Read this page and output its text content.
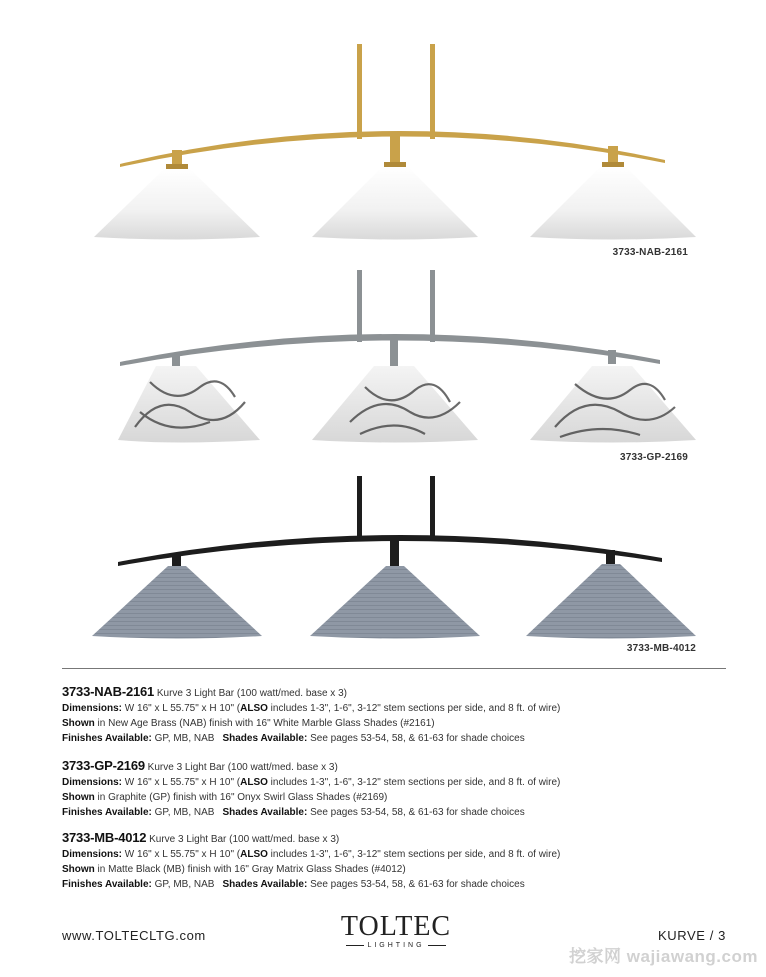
3733-NAB-2161
3733-GP-2169
3733-MB-4012
3733-NAB-2161 Kurve 3 Light Bar (100 watt/med. base x 3)
Dimensions: W 16" x L 55.75" x H 10" (ALSO includes 1-3", 1-6", 3-12" stem sections per side, and 8 ft. of wire)
Shown in New Age Brass (NAB) finish with 16" White Marble Glass Shades (#2161)
Finishes Available: GP, MB, NAB Shades Available: See pages 53-54, 58, & 61-63 for shade choices
3733-GP-2169 Kurve 3 Light Bar (100 watt/med. base x 3)
Dimensions: W 16" x L 55.75" x H 10" (ALSO includes 1-3", 1-6", 3-12" stem sections per side, and 8 ft. of wire)
Shown in Graphite (GP) finish with 16" Onyx Swirl Glass Shades (#2169)
Finishes Available: GP, MB, NAB Shades Available: See pages 53-54, 58, & 61-63 for shade choices
3733-MB-4012 Kurve 3 Light Bar (100 watt/med. base x 3)
Dimensions: W 16" x L 55.75" x H 10" (ALSO includes 1-3", 1-6", 3-12" stem sections per side, and 8 ft. of wire)
Shown in Matte Black (MB) finish with 16" Gray Matrix Glass Shades (#4012)
Finishes Available: GP, MB, NAB Shades Available: See pages 53-54, 58, & 61-63 for shade choices
www.TOLTECLTG.com	TOLTEC
LIGHTING
KURVE / 3
挖家网 wajiawang.com
